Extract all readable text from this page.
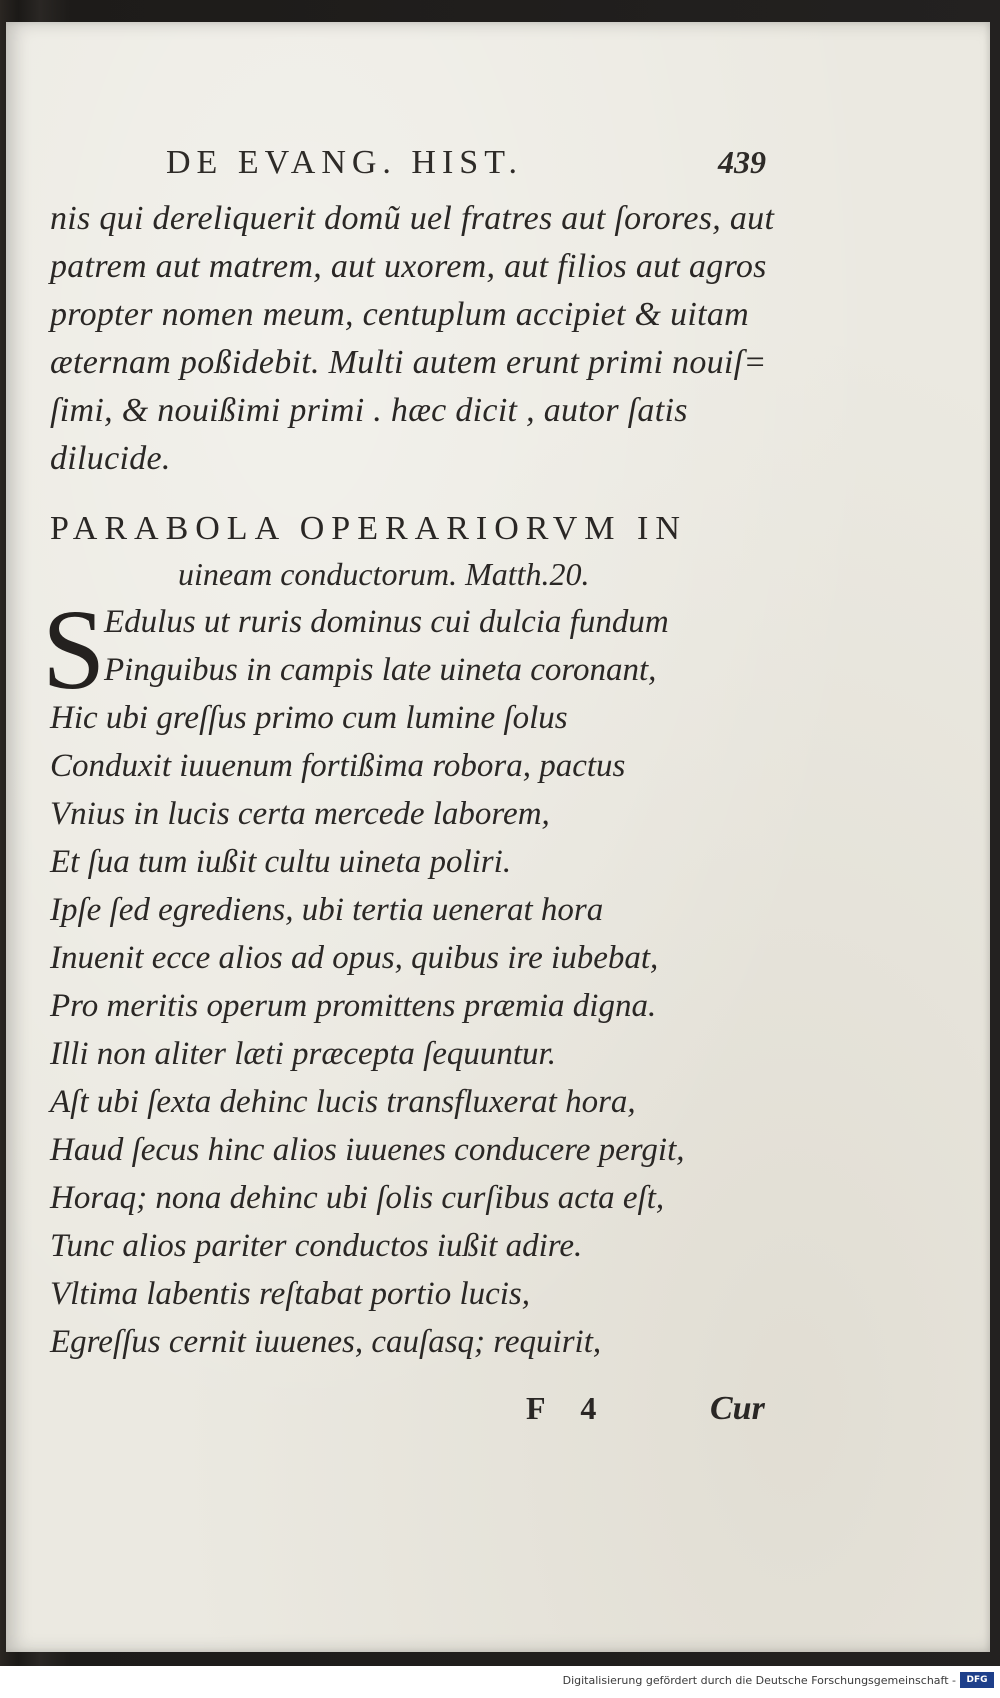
DE EVANG. HIST.	439
nis qui dereliquerit domũ uel fratres aut ſorores, aut
patrem aut matrem, aut uxorem, aut filios aut agros
propter nomen meum, centuplum accipiet & uitam
æternam poßidebit. Multi autem erunt primi nouiſ=
ſimi, & nouißimi primi . hæc dicit , autor ſatis
dilucide.
PARABOLA OPERARIORVM IN
uineam conductorum. Matth.20.
S
Edulus ut ruris dominus cui dulcia fundum
Pinguibus in campis late uineta coronant,
Hic ubi greſſus primo cum lumine ſolus
Conduxit iuuenum fortißima robora, pactus
Vnius in lucis certa mercede laborem,
Et ſua tum iußit cultu uineta poliri.
Ipſe ſed egrediens, ubi tertia uenerat hora
Inuenit ecce alios ad opus, quibus ire iubebat,
Pro meritis operum promittens præmia digna.
Illi non aliter læti præcepta ſequuntur.
Aſt ubi ſexta dehinc lucis transfluxerat hora,
Haud ſecus hinc alios iuuenes conducere pergit,
Horaq; nona dehinc ubi ſolis curſibus acta eſt,
Tunc alios pariter conductos iußit adire.
Vltima labentis reſtabat portio lucis,
Egreſſus cernit iuuenes, cauſasq; requirit,
F 4	Cur
Digitalisierung gefördert durch die Deutsche Forschungsgemeinschaft -	DFG
